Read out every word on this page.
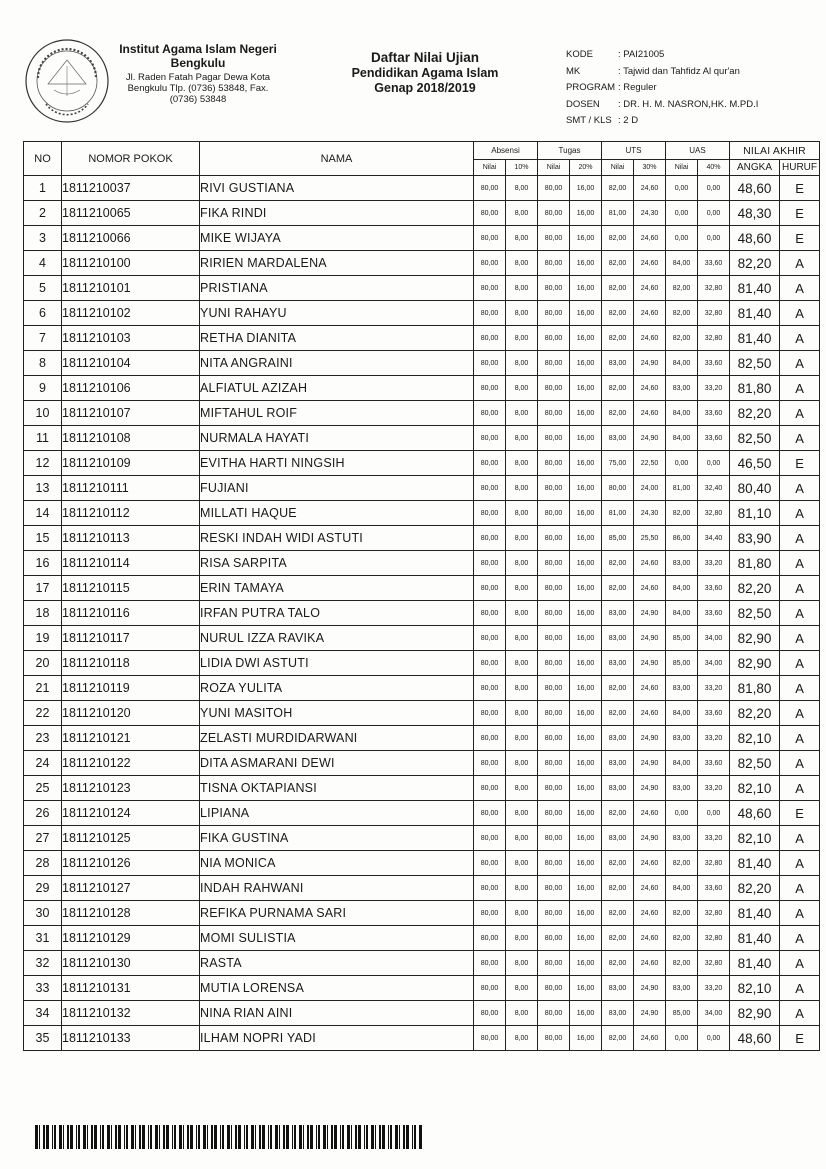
Institut Agama Islam Negeri
Bengkulu
Jl. Raden Fatah Pagar Dewa Kota
Bengkulu Tlp. (0736) 53848, Fax.
(0736) 53848
Daftar Nilai Ujian
Pendidikan Agama Islam
Genap 2018/2019
KODE	: PAI21005
MK	: Tajwid dan Tahfidz Al qur'an
PROGRAM : Reguler
DOSEN	: DR. H. M. NASRON,HK. M.PD.I
SMT / KLS : 2 D
NO	NOMOR POKOK	NAMA	Absensi		Tugas		UTS		UAS		NILAI AKHIR	
			Nilai	10%	Nilai	20%	Nilai	30%	Nilai	40%	ANGKA	HURUF
1	1811210037	RIVI GUSTIANA	80,00	8,00	80,00	16,00	82,00	24,60	0,00	0,00	48,60	E
2	1811210065	FIKA RINDI	80,00	8,00	80,00	16,00	81,00	24,30	0,00	0,00	48,30	E
3	1811210066	MIKE WIJAYA	80,00	8,00	80,00	16,00	82,00	24,60	0,00	0,00	48,60	E
4	1811210100	RIRIEN MARDALENA	80,00	8,00	80,00	16,00	82,00	24,60	84,00	33,60	82,20	A
5	1811210101	PRISTIANA	80,00	8,00	80,00	16,00	82,00	24,60	82,00	32,80	81,40	A
6	1811210102	YUNI RAHAYU	80,00	8,00	80,00	16,00	82,00	24,60	82,00	32,80	81,40	A
7	1811210103	RETHA DIANITA	80,00	8,00	80,00	16,00	82,00	24,60	82,00	32,80	81,40	A
8	1811210104	NITA ANGRAINI	80,00	8,00	80,00	16,00	83,00	24,90	84,00	33,60	82,50	A
9	1811210106	ALFIATUL AZIZAH	80,00	8,00	80,00	16,00	82,00	24,60	83,00	33,20	81,80	A
10	1811210107	MIFTAHUL ROIF	80,00	8,00	80,00	16,00	82,00	24,60	84,00	33,60	82,20	A
11	1811210108	NURMALA HAYATI	80,00	8,00	80,00	16,00	83,00	24,90	84,00	33,60	82,50	A
12	1811210109	EVITHA HARTI NINGSIH	80,00	8,00	80,00	16,00	75,00	22,50	0,00	0,00	46,50	E
13	1811210111	FUJIANI	80,00	8,00	80,00	16,00	80,00	24,00	81,00	32,40	80,40	A
14	1811210112	MILLATI HAQUE	80,00	8,00	80,00	16,00	81,00	24,30	82,00	32,80	81,10	A
15	1811210113	RESKI INDAH WIDI ASTUTI	80,00	8,00	80,00	16,00	85,00	25,50	86,00	34,40	83,90	A
16	1811210114	RISA SARPITA	80,00	8,00	80,00	16,00	82,00	24,60	83,00	33,20	81,80	A
17	1811210115	ERIN TAMAYA	80,00	8,00	80,00	16,00	82,00	24,60	84,00	33,60	82,20	A
18	1811210116	IRFAN PUTRA TALO	80,00	8,00	80,00	16,00	83,00	24,90	84,00	33,60	82,50	A
19	1811210117	NURUL IZZA RAVIKA	80,00	8,00	80,00	16,00	83,00	24,90	85,00	34,00	82,90	A
20	1811210118	LIDIA DWI ASTUTI	80,00	8,00	80,00	16,00	83,00	24,90	85,00	34,00	82,90	A
21	1811210119	ROZA YULITA	80,00	8,00	80,00	16,00	82,00	24,60	83,00	33,20	81,80	A
22	1811210120	YUNI MASITOH	80,00	8,00	80,00	16,00	82,00	24,60	84,00	33,60	82,20	A
23	1811210121	ZELASTI MURDIDARWANI	80,00	8,00	80,00	16,00	83,00	24,90	83,00	33,20	82,10	A
24	1811210122	DITA ASMARANI DEWI	80,00	8,00	80,00	16,00	83,00	24,90	84,00	33,60	82,50	A
25	1811210123	TISNA OKTAPIANSI	80,00	8,00	80,00	16,00	83,00	24,90	83,00	33,20	82,10	A
26	1811210124	LIPIANA	80,00	8,00	80,00	16,00	82,00	24,60	0,00	0,00	48,60	E
27	1811210125	FIKA GUSTINA	80,00	8,00	80,00	16,00	83,00	24,90	83,00	33,20	82,10	A
28	1811210126	NIA MONICA	80,00	8,00	80,00	16,00	82,00	24,60	82,00	32,80	81,40	A
29	1811210127	INDAH RAHWANI	80,00	8,00	80,00	16,00	82,00	24,60	84,00	33,60	82,20	A
30	1811210128	REFIKA PURNAMA SARI	80,00	8,00	80,00	16,00	82,00	24,60	82,00	32,80	81,40	A
31	1811210129	MOMI SULISTIA	80,00	8,00	80,00	16,00	82,00	24,60	82,00	32,80	81,40	A
32	1811210130	RASTA	80,00	8,00	80,00	16,00	82,00	24,60	82,00	32,80	81,40	A
33	1811210131	MUTIA LORENSA	80,00	8,00	80,00	16,00	83,00	24,90	83,00	33,20	82,10	A
34	1811210132	NINA RIAN AINI	80,00	8,00	80,00	16,00	83,00	24,90	85,00	34,00	82,90	A
35	1811210133	ILHAM NOPRI YADI	80,00	8,00	80,00	16,00	82,00	24,60	0,00	0,00	48,60	E
